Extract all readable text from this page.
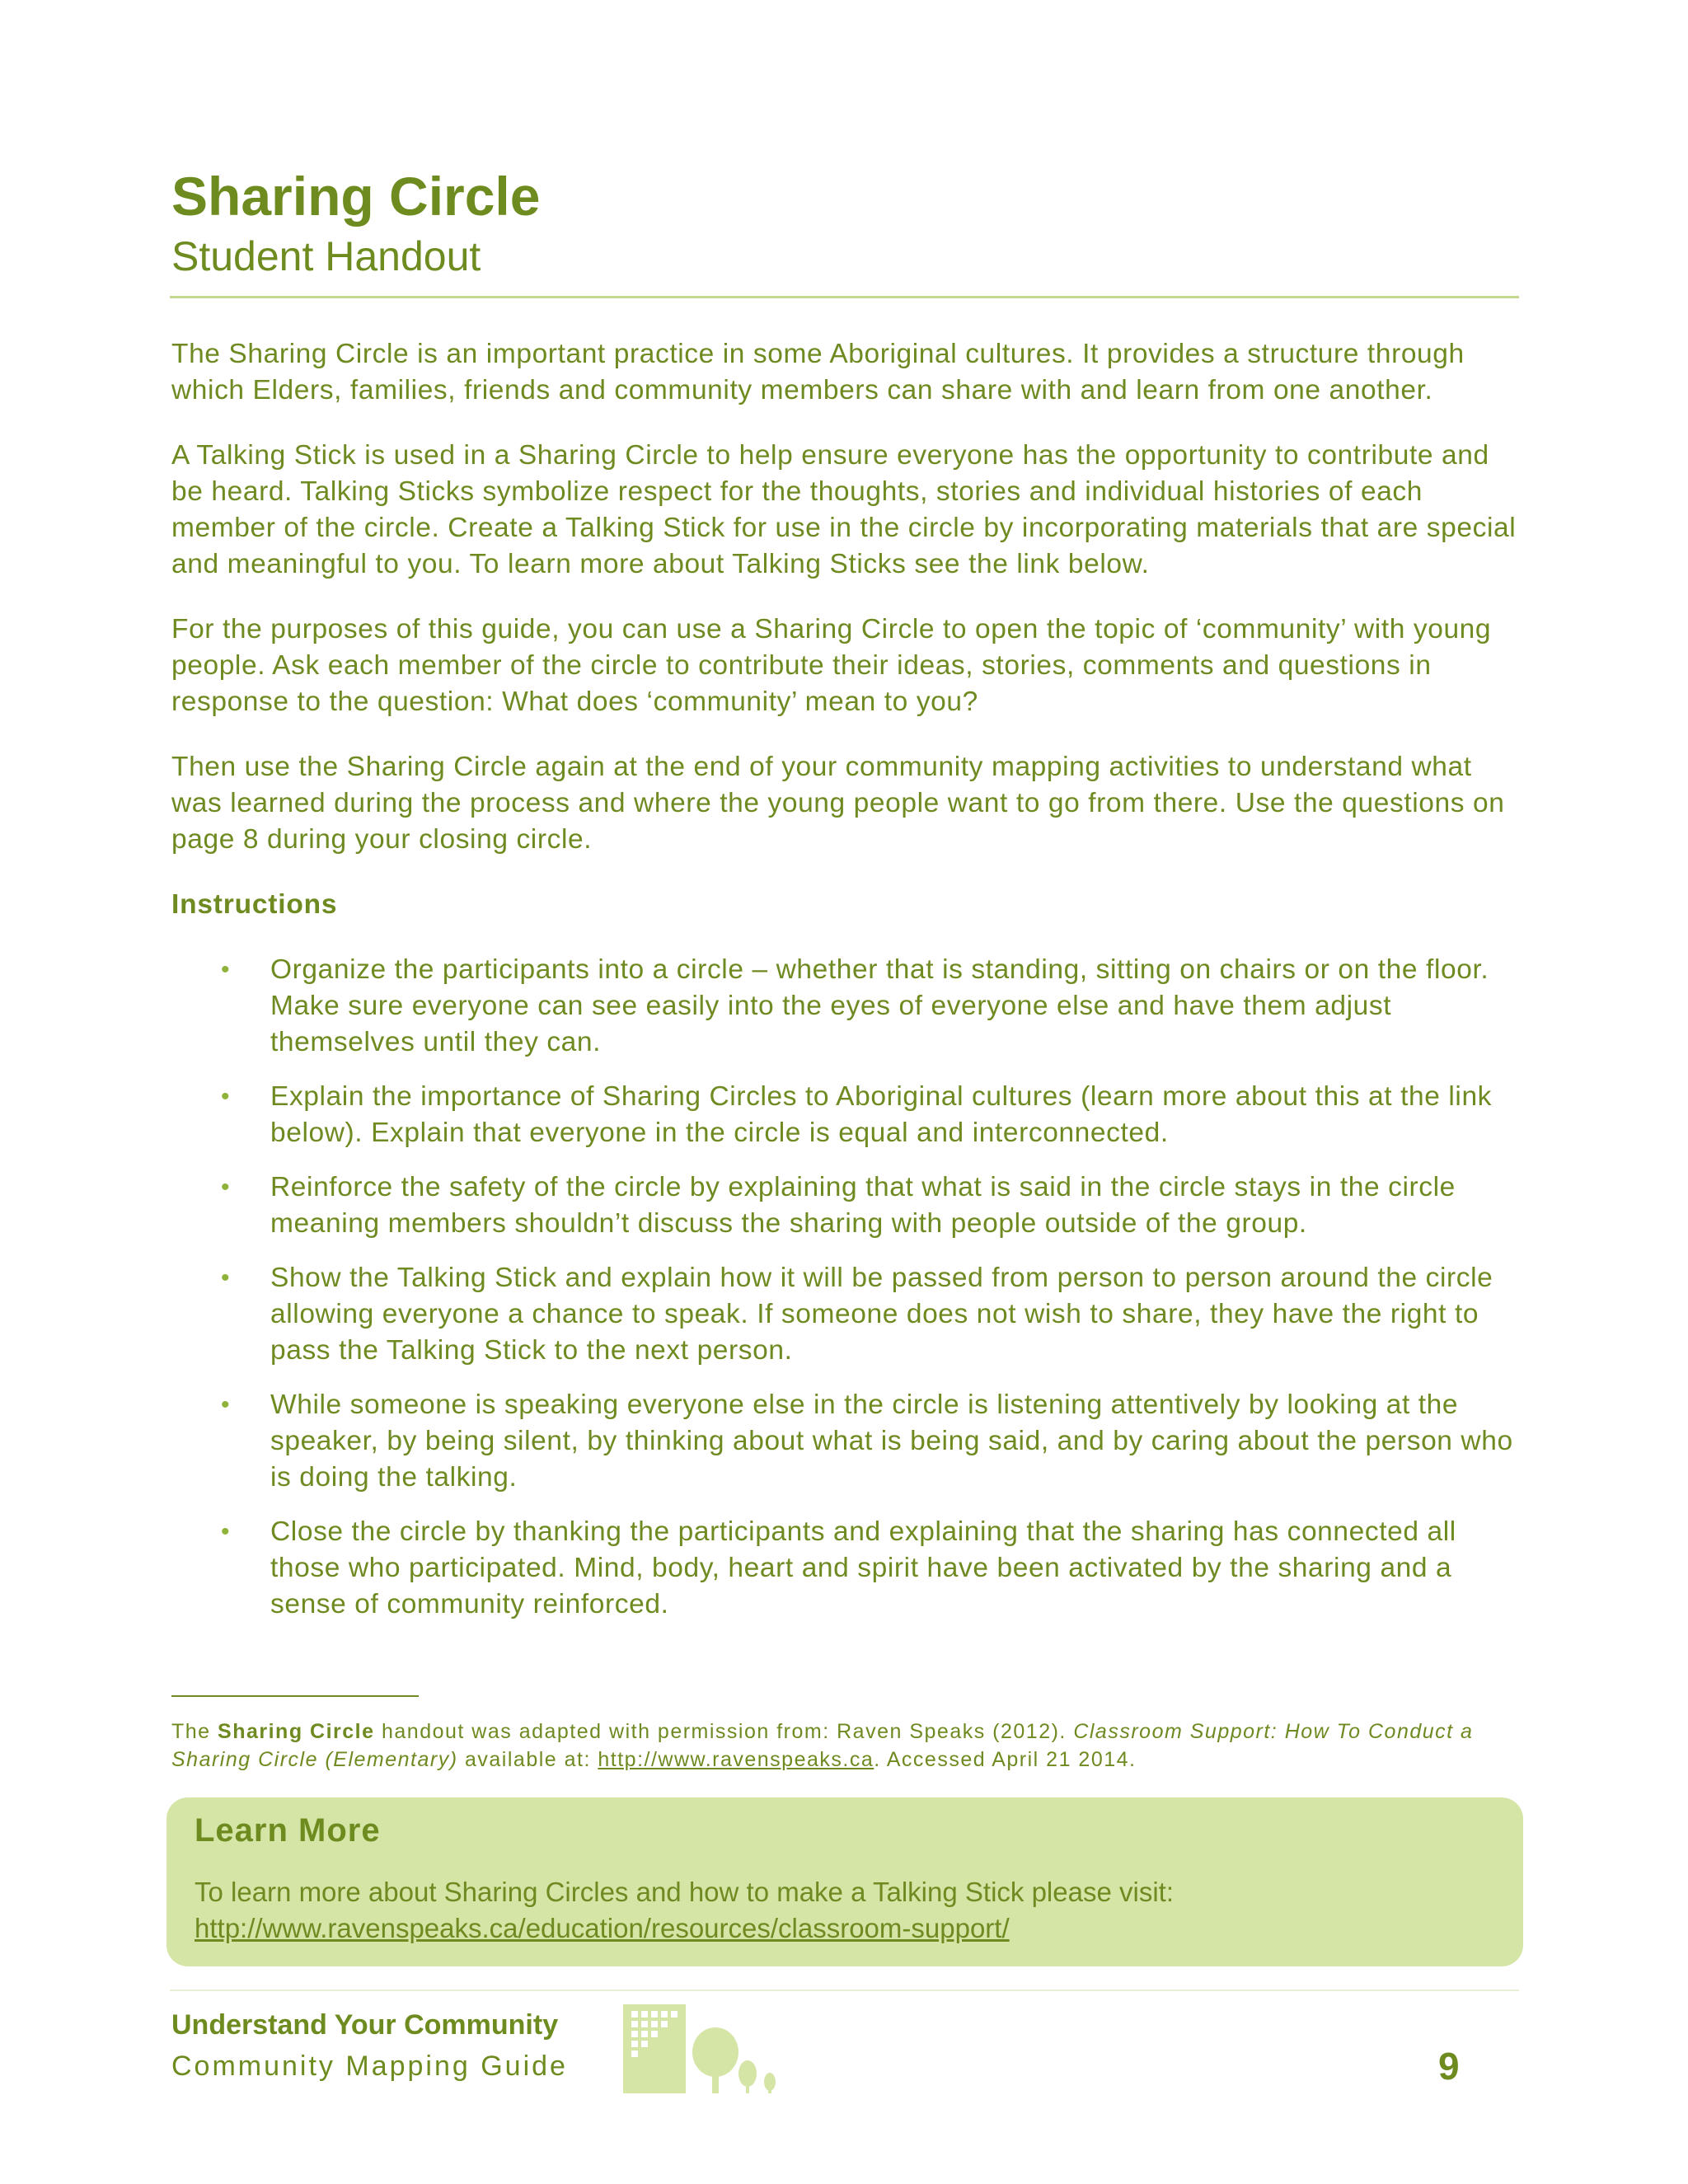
Sharing Circle
Student Handout

The Sharing Circle is an important practice in some Aboriginal cultures. It provides a structure through which Elders, families, friends and community members can share with and learn from one another.

A Talking Stick is used in a Sharing Circle to help ensure everyone has the opportunity to contribute and be heard. Talking Sticks symbolize respect for the thoughts, stories and individual histories of each member of the circle. Create a Talking Stick for use in the circle by incorporating materials that are special and meaningful to you. To learn more about Talking Sticks see the link below.

For the purposes of this guide, you can use a Sharing Circle to open the topic of ‘community’ with young people. Ask each member of the circle to contribute their ideas, stories, comments and questions in response to the question: What does ‘community’ mean to you?

Then use the Sharing Circle again at the end of your community mapping activities to understand what was learned during the process and where the young people want to go from there. Use the questions on page 8 during your closing circle.

Instructions

• Organize the participants into a circle – whether that is standing, sitting on chairs or on the floor. Make sure everyone can see easily into the eyes of everyone else and have them adjust themselves until they can.
• Explain the importance of Sharing Circles to Aboriginal cultures (learn more about this at the link below). Explain that everyone in the circle is equal and interconnected.
• Reinforce the safety of the circle by explaining that what is said in the circle stays in the circle meaning members shouldn’t discuss the sharing with people outside of the group.
• Show the Talking Stick and explain how it will be passed from person to person around the circle allowing everyone a chance to speak. If someone does not wish to share, they have the right to pass the Talking Stick to the next person.
• While someone is speaking everyone else in the circle is listening attentively by looking at the speaker, by being silent, by thinking about what is being said, and by caring about the person who is doing the talking.
• Close the circle by thanking the participants and explaining that the sharing has connected all those who participated. Mind, body, heart and spirit have been activated by the sharing and a sense of community reinforced.
The Sharing Circle handout was adapted with permission from: Raven Speaks (2012). Classroom Support: How To Conduct a Sharing Circle (Elementary) available at: http://www.ravenspeaks.ca. Accessed April 21 2014.
Learn More
To learn more about Sharing Circles and how to make a Talking Stick please visit:
http://www.ravenspeaks.ca/education/resources/classroom-support/
Understand Your Community
Community Mapping Guide	9
